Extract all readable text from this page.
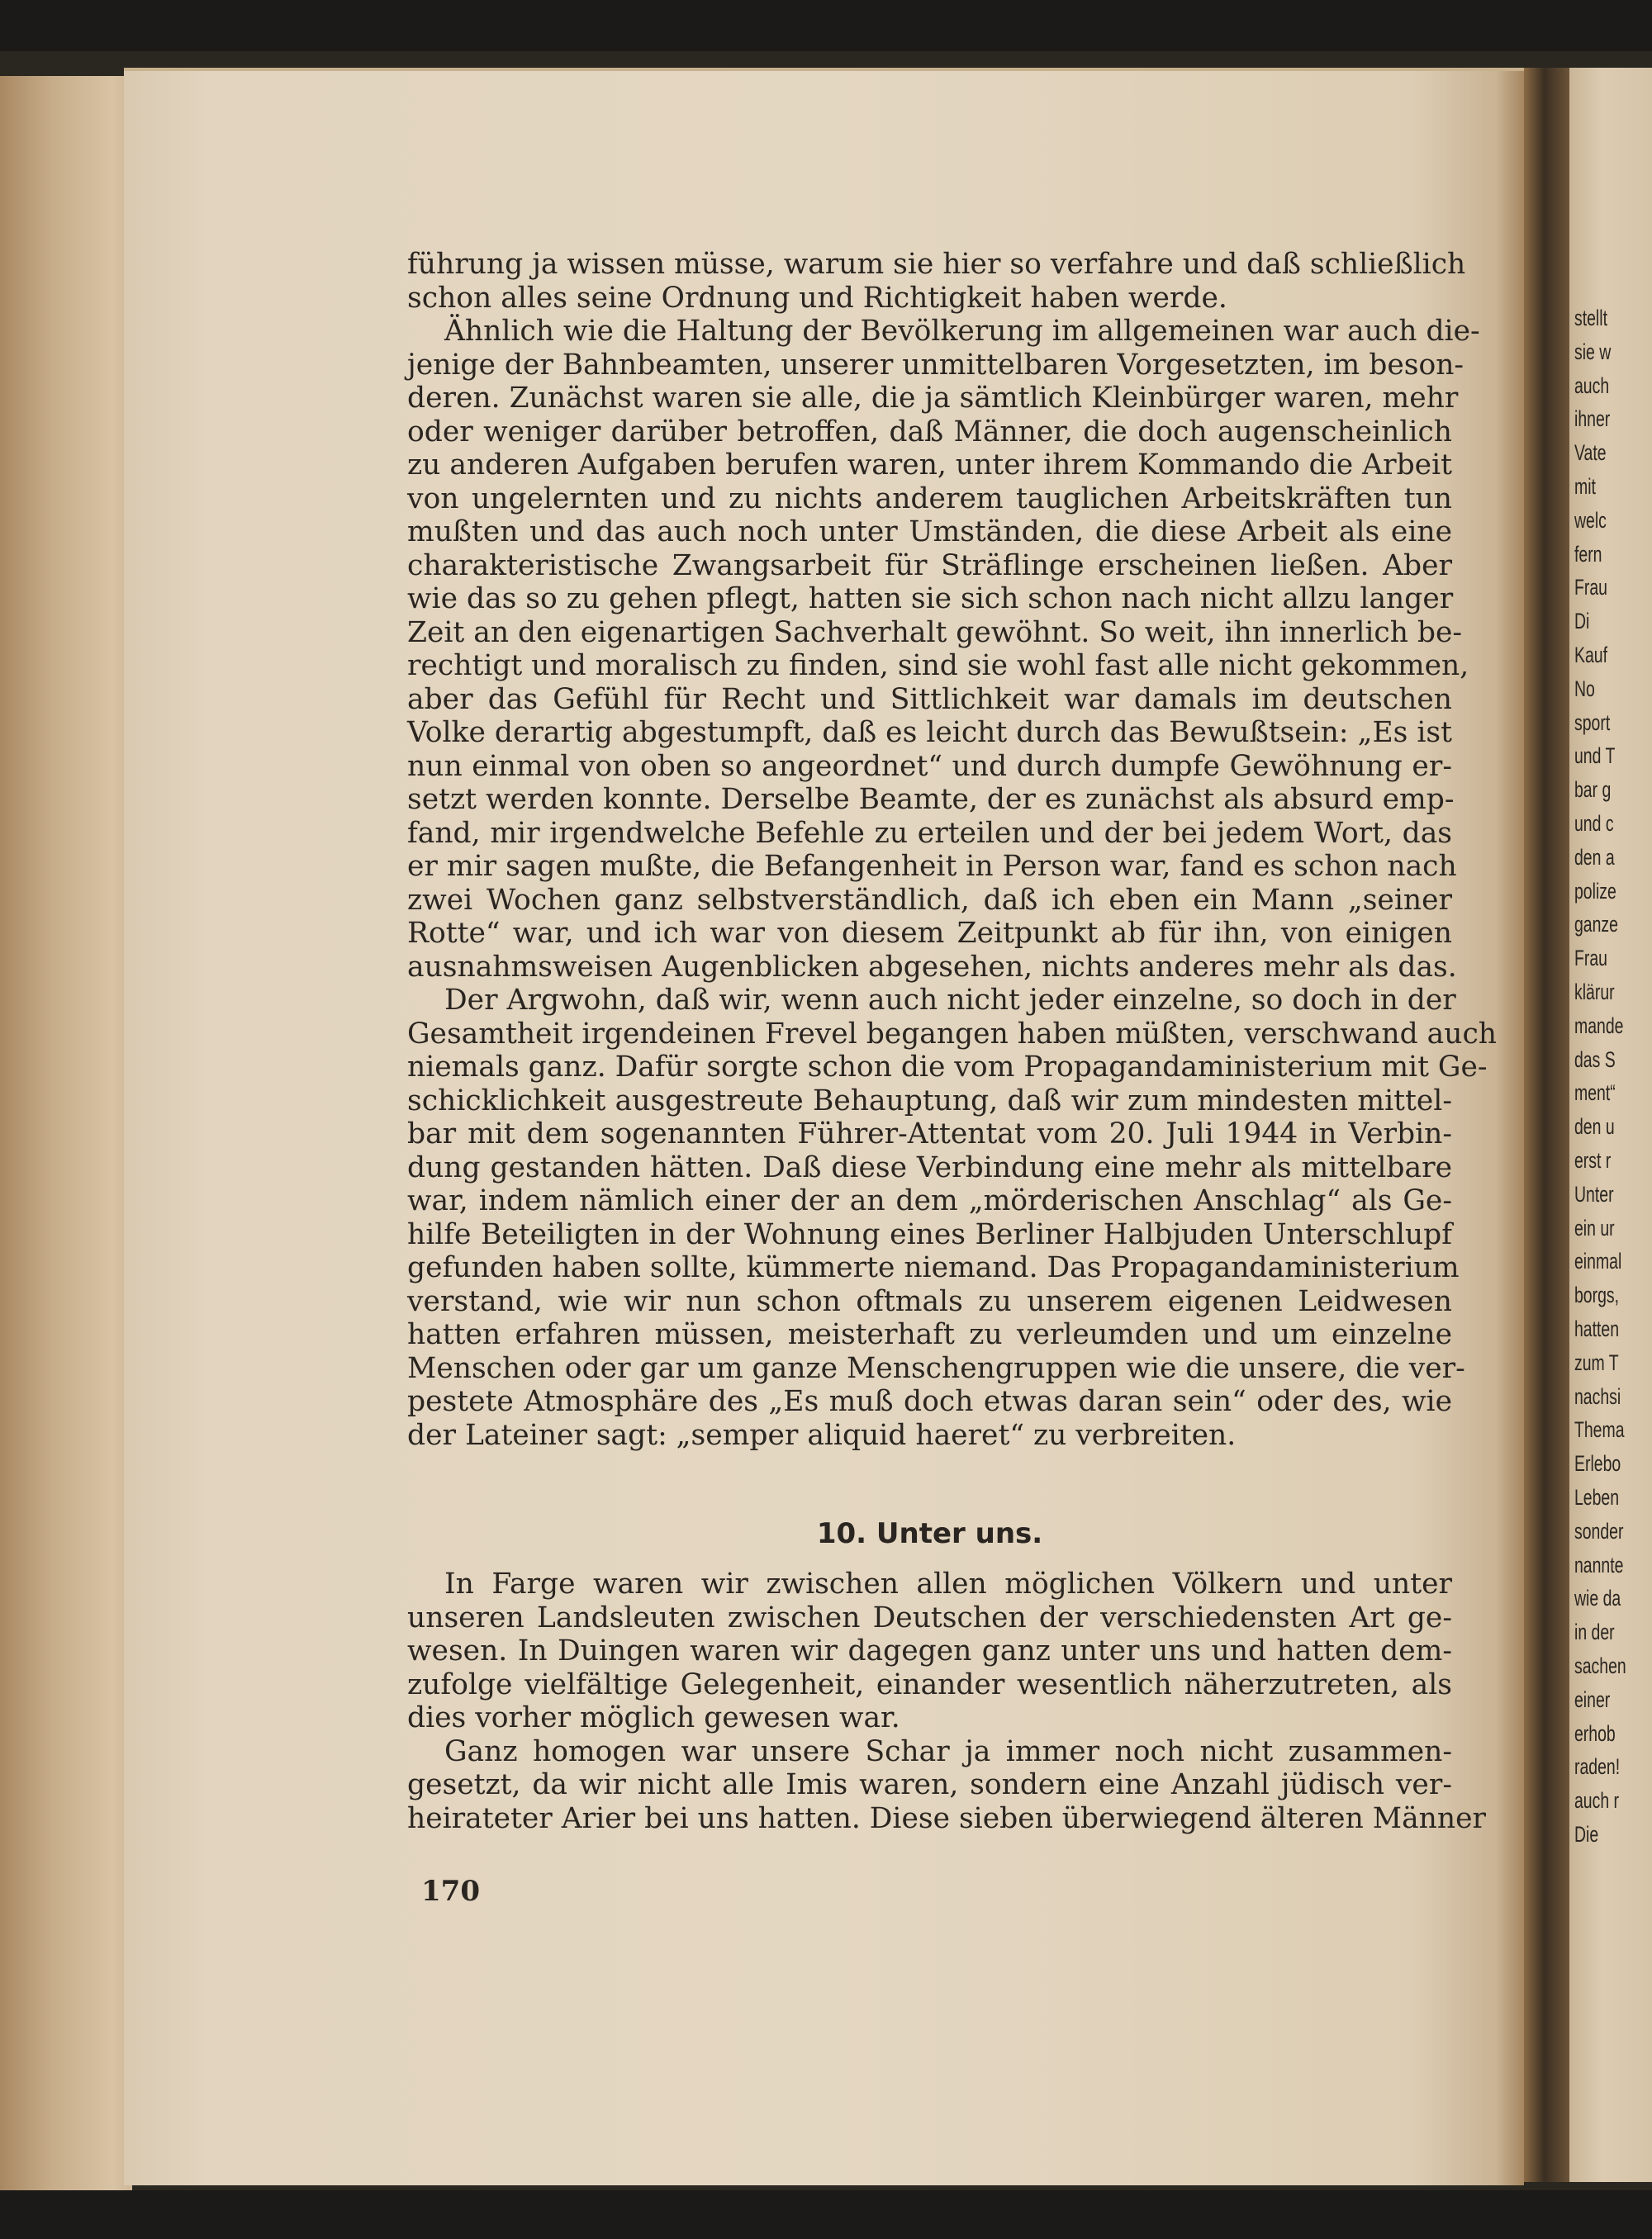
stellt
sie w
auch
ihner
Vate
mit
welc
fern
Frau
Di
Kauf
No
sport
und T
bar g
und c
den a
polize
ganze
Frau
klärur
mande
das S
ment“
den u
erst r
Unter
ein ur
einmal
borgs,
hatten
zum T
nachsi
Thema
Erlebo
Leben
sonder
nannte
wie da
in der
sachen
einer
erhob
raden!
auch r
Die
führung ja wissen müsse, warum sie hier so verfahre und daß schließlich
schon alles seine Ordnung und Richtigkeit haben werde.
Ähnlich wie die Haltung der Bevölkerung im allgemeinen war auch die-
jenige der Bahnbeamten, unserer unmittelbaren Vorgesetzten, im beson-
deren. Zunächst waren sie alle, die ja sämtlich Kleinbürger waren, mehr
oder weniger darüber betroffen, daß Männer, die doch augenscheinlich
zu anderen Aufgaben berufen waren, unter ihrem Kommando die Arbeit
von ungelernten und zu nichts anderem tauglichen Arbeitskräften tun
mußten und das auch noch unter Umständen, die diese Arbeit als eine
charakteristische Zwangsarbeit für Sträflinge erscheinen ließen. Aber
wie das so zu gehen pflegt, hatten sie sich schon nach nicht allzu langer
Zeit an den eigenartigen Sachverhalt gewöhnt. So weit, ihn innerlich be-
rechtigt und moralisch zu finden, sind sie wohl fast alle nicht gekommen,
aber das Gefühl für Recht und Sittlichkeit war damals im deutschen
Volke derartig abgestumpft, daß es leicht durch das Bewußtsein: „Es ist
nun einmal von oben so angeordnet“ und durch dumpfe Gewöhnung er-
setzt werden konnte. Derselbe Beamte, der es zunächst als absurd emp-
fand, mir irgendwelche Befehle zu erteilen und der bei jedem Wort, das
er mir sagen mußte, die Befangenheit in Person war, fand es schon nach
zwei Wochen ganz selbstverständlich, daß ich eben ein Mann „seiner
Rotte“ war, und ich war von diesem Zeitpunkt ab für ihn, von einigen
ausnahmsweisen Augenblicken abgesehen, nichts anderes mehr als das.
Der Argwohn, daß wir, wenn auch nicht jeder einzelne, so doch in der
Gesamtheit irgendeinen Frevel begangen haben müßten, verschwand auch
niemals ganz. Dafür sorgte schon die vom Propagandaministerium mit Ge-
schicklichkeit ausgestreute Behauptung, daß wir zum mindesten mittel-
bar mit dem sogenannten Führer-Attentat vom 20. Juli 1944 in Verbin-
dung gestanden hätten. Daß diese Verbindung eine mehr als mittelbare
war, indem nämlich einer der an dem „mörderischen Anschlag“ als Ge-
hilfe Beteiligten in der Wohnung eines Berliner Halbjuden Unterschlupf
gefunden haben sollte, kümmerte niemand. Das Propagandaministerium
verstand, wie wir nun schon oftmals zu unserem eigenen Leidwesen
hatten erfahren müssen, meisterhaft zu verleumden und um einzelne
Menschen oder gar um ganze Menschengruppen wie die unsere, die ver-
pestete Atmosphäre des „Es muß doch etwas daran sein“ oder des, wie
der Lateiner sagt: „semper aliquid haeret“ zu verbreiten.
10. Unter uns.
In Farge waren wir zwischen allen möglichen Völkern und unter
unseren Landsleuten zwischen Deutschen der verschiedensten Art ge-
wesen. In Duingen waren wir dagegen ganz unter uns und hatten dem-
zufolge vielfältige Gelegenheit, einander wesentlich näherzutreten, als
dies vorher möglich gewesen war.
Ganz homogen war unsere Schar ja immer noch nicht zusammen-
gesetzt, da wir nicht alle Imis waren, sondern eine Anzahl jüdisch ver-
heirateter Arier bei uns hatten. Diese sieben überwiegend älteren Männer
170
